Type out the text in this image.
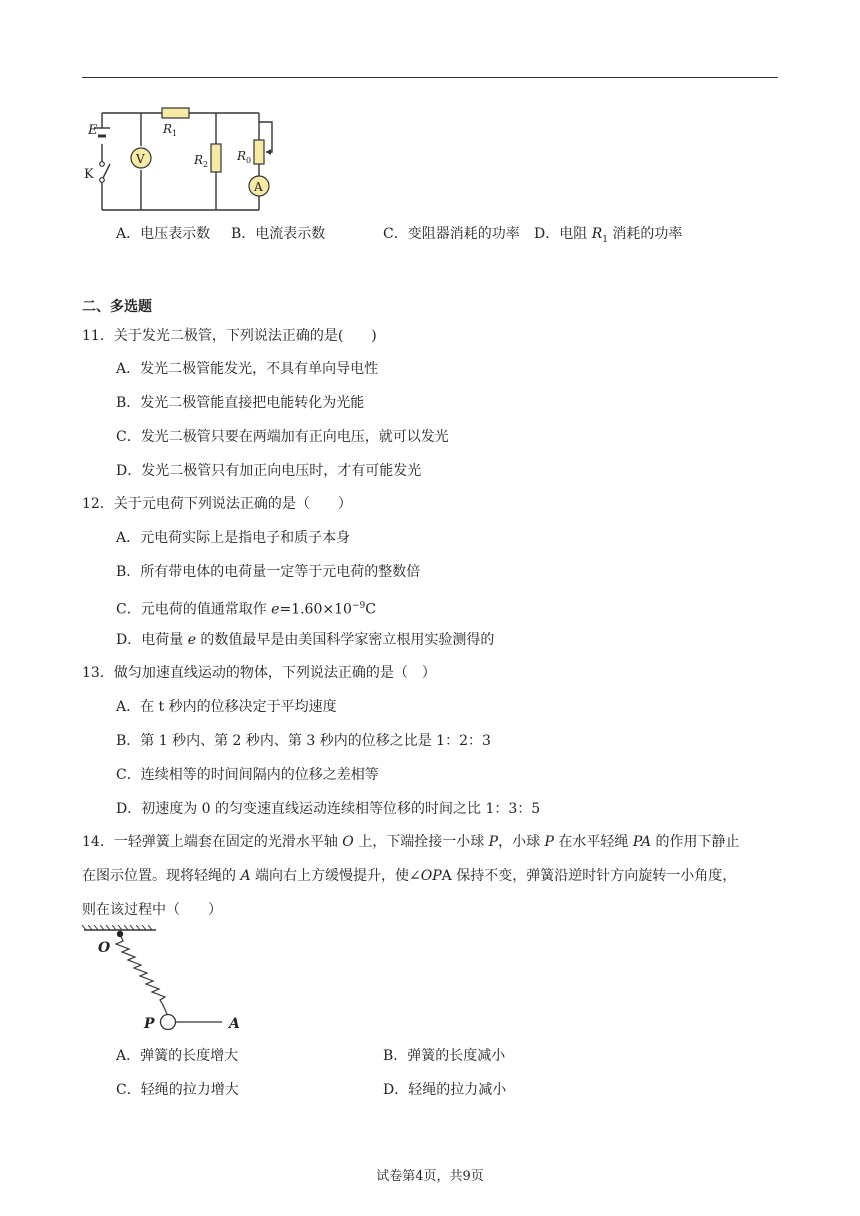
E
K
V
A
R 1
R 2
R 0
A．电压表示数 B．电流表示数	C．变阻器消耗的功率 D．电阻 $R_1$ 消耗的功率
二、多选题
11．关于发光二极管，下列说法正确的是(　　)
A．发光二极管能发光，不具有单向导电性
B．发光二极管能直接把电能转化为光能
C．发光二极管只要在两端加有正向电压，就可以发光
D．发光二极管只有加正向电压时，才有可能发光
12．关于元电荷下列说法正确的是（　　）
A．元电荷实际上是指电子和质子本身
B．所有带电体的电荷量一定等于元电荷的整数倍
C．元电荷的值通常取作 $e=1.60\times 10^{-9}C$
D．电荷量 e 的数值最早是由美国科学家密立根用实验测得的
13．做匀加速直线运动的物体，下列说法正确的是（　）
A．在 t 秒内的位移决定于平均速度
B．第 1 秒内、第 2 秒内、第 3 秒内的位移之比是 1：2：3
C．连续相等的时间间隔内的位移之差相等
D．初速度为 0 的匀变速直线运动连续相等位移的时间之比 1：3：5
14．一轻弹簧上端套在固定的光滑水平轴 O 上，下端拴接一小球 P，小球 P 在水平轻绳 PA 的作用下静止
在图示位置。现将轻绳的 A 端向右上方缓慢提升，使∠OPA 保持不变，弹簧沿逆时针方向旋转一小角度，
则在该过程中（　　）
O
P	A
A．弹簧的长度增大	B．弹簧的长度减小
C．轻绳的拉力增大	D．轻绳的拉力减小
试卷第4页，共9页
